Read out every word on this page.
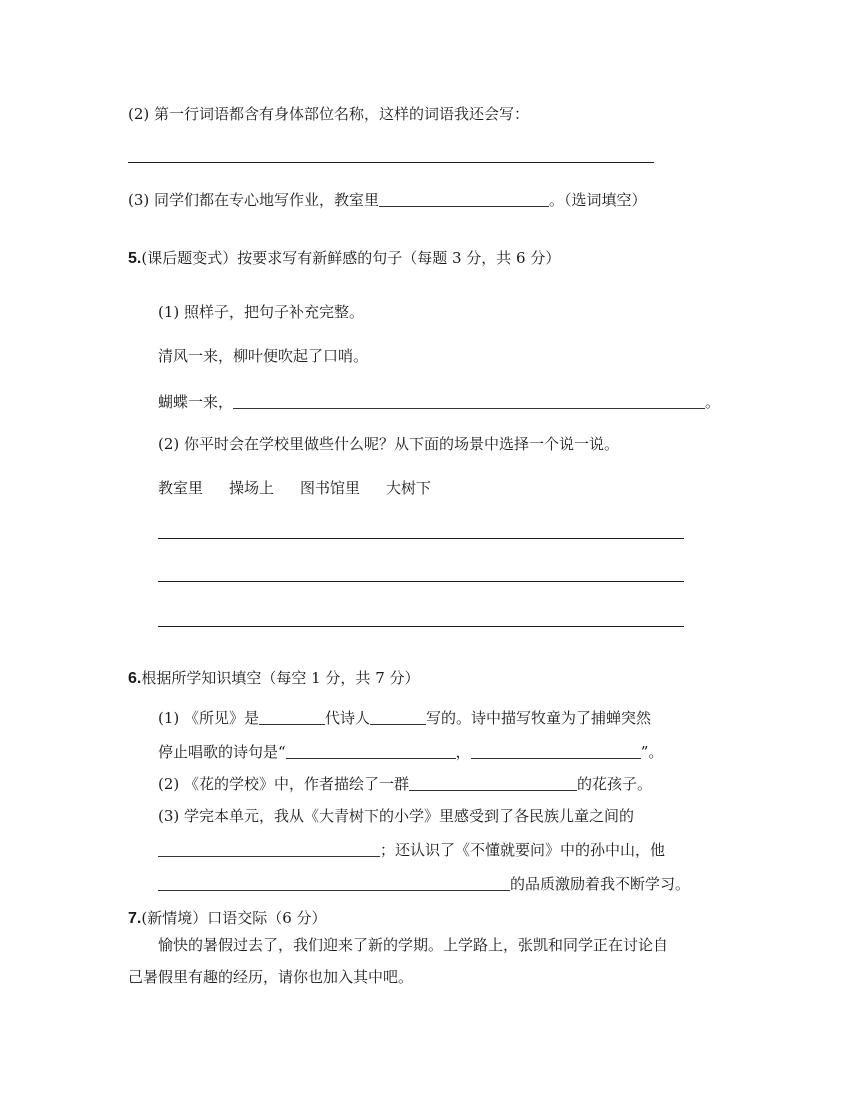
(2) 第一行词语都含有身体部位名称，这样的词语我还会写：
(3) 同学们都在专心地写作业，教室里	。（选词填空）
5.(课后题变式）按要求写有新鲜感的句子（每题 3 分，共 6 分）
(1) 照样子，把句子补充完整。
清风一来，柳叶便吹起了口哨。
蝴蝶一来，	。
(2) 你平时会在学校里做些什么呢？从下面的场景中选择一个说一说。
教室里 操场上 图书馆里 大树下
6.根据所学知识填空（每空 1 分，共 7 分）
(1) 《所见》是	代诗人	写的。诗中描写牧童为了捕蝉突然
停止唱歌的诗句是“	，	”。
(2) 《花的学校》中，作者描绘了一群	的花孩子。
(3) 学完本单元，我从《大青树下的小学》里感受到了各民族儿童之间的
；还认识了《不懂就要问》中的孙中山，他
的品质激励着我不断学习。
7.(新情境）口语交际（6 分）
愉快的暑假过去了，我们迎来了新的学期。上学路上，张凯和同学正在讨论自
己暑假里有趣的经历，请你也加入其中吧。
